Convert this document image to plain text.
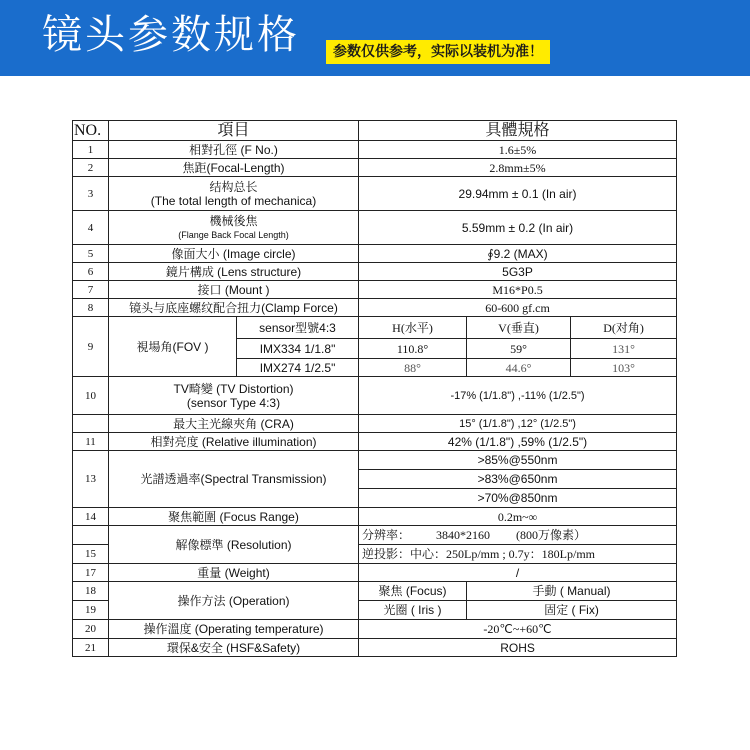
镜头参数规格	参数仅供参考，实际以装机为准！
NO.	項目		具體規格		
1	相對孔徑 (F No.)		1.6±5%		
2	焦距(Focal-Length)		2.8mm±5%		
3	结构总长
(The total length of mechanica)		29.94mm ± 0.1 (In air)		
4	機械後焦
(Flange Back Focal Length)		5.59mm ± 0.2 (In air)		
5	像面大小 (Image circle)		∮9.2 (MAX)		
6	鏡片構成 (Lens structure)		5G3P		
7	接口 (Mount )		M16*P0.5		
8	镜头与底座螺纹配合扭力(Clamp Force)		60-600 gf.cm		
9	視場角(FOV )	sensor型號4:3	H(水平)	V(垂直)	D(对角)
		IMX334 1/1.8"	110.8°	59°	131°
		IMX274 1/2.5"	88°	44.6°	103°
10	TV畸變 (TV Distortion)
(sensor Type 4:3)		-17% (1/1.8") ,-11% (1/2.5")		
	最大主光線夾角 (CRA)		15° (1/1.8") ,12° (1/2.5")		
11	相對亮度 (Relative illumination)		42% (1/1.8") ,59% (1/2.5")		
13	光譜透過率(Spectral Transmission)		>85%@550nm		
			>83%@650nm		
			>70%@850nm		
14	聚焦範圍 (Focus Range)		0.2m~∞		
	解像標準 (Resolution)		分辨率： 3840*2160 (800万像素）		
15			逆投影：中心：250Lp/mm ; 0.7y：180Lp/mm		
17	重量 (Weight)		/		
18	操作方法 (Operation)		聚焦 (Focus)	手動 ( Manual)	
19			光圈 ( Iris )	固定 ( Fix)	
20	操作溫度 (Operating temperature)		-20℃~+60℃		
21	環保&安全 (HSF&Safety)		ROHS		
